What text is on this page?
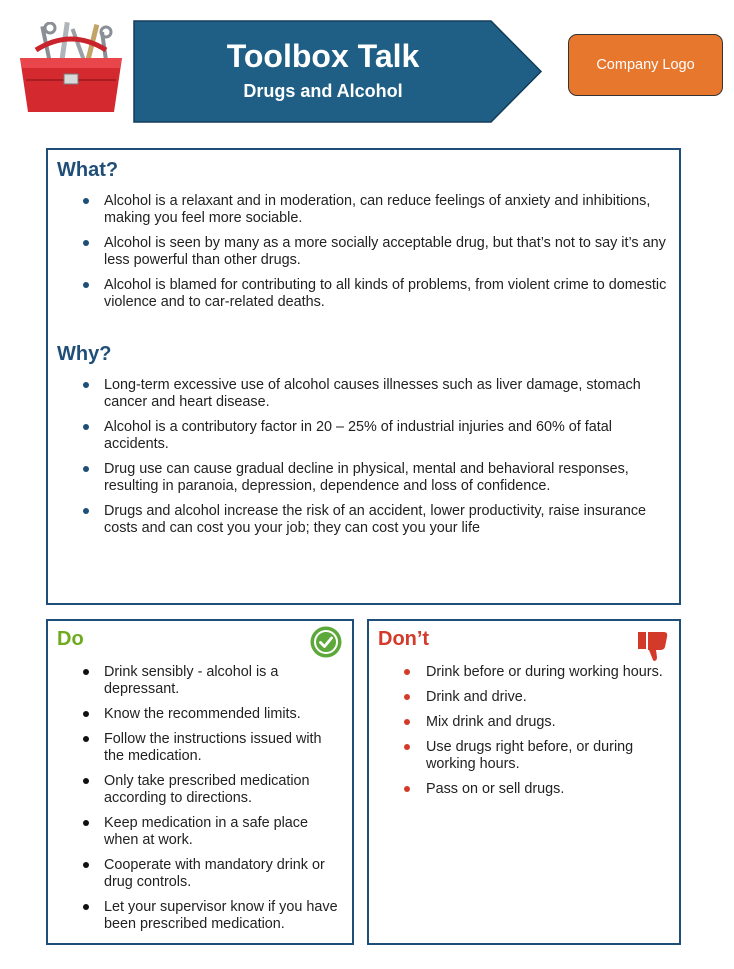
Toolbox Talk
Drugs and Alcohol
Company Logo
What?
Alcohol is a relaxant and in moderation, can reduce feelings of anxiety and inhibitions, making you feel more sociable.
Alcohol is seen by many as a more socially acceptable drug, but that’s not to say it’s any less powerful than other drugs.
Alcohol is blamed for contributing to all kinds of problems, from violent crime to domestic violence and to car-related deaths.
Why?
Long-term excessive use of alcohol causes illnesses such as liver damage, stomach cancer and heart disease.
Alcohol is a contributory factor in 20 – 25% of industrial injuries and 60% of fatal accidents.
Drug use can cause gradual decline in physical, mental and behavioral responses, resulting in paranoia, depression, dependence and loss of confidence.
Drugs and alcohol increase the risk of an accident, lower productivity, raise insurance costs and can cost you your job; they can cost you your life
Do
Drink sensibly - alcohol is a depressant.
Know the recommended limits.
Follow the instructions issued with the medication.
Only take prescribed medication according to directions.
Keep medication in a safe place when at work.
Cooperate with mandatory drink or drug controls.
Let your supervisor know if you have been prescribed medication.
Don’t
Drink before or during working hours.
Drink and drive.
Mix drink and drugs.
Use drugs right before, or during working hours.
Pass on or sell drugs.
